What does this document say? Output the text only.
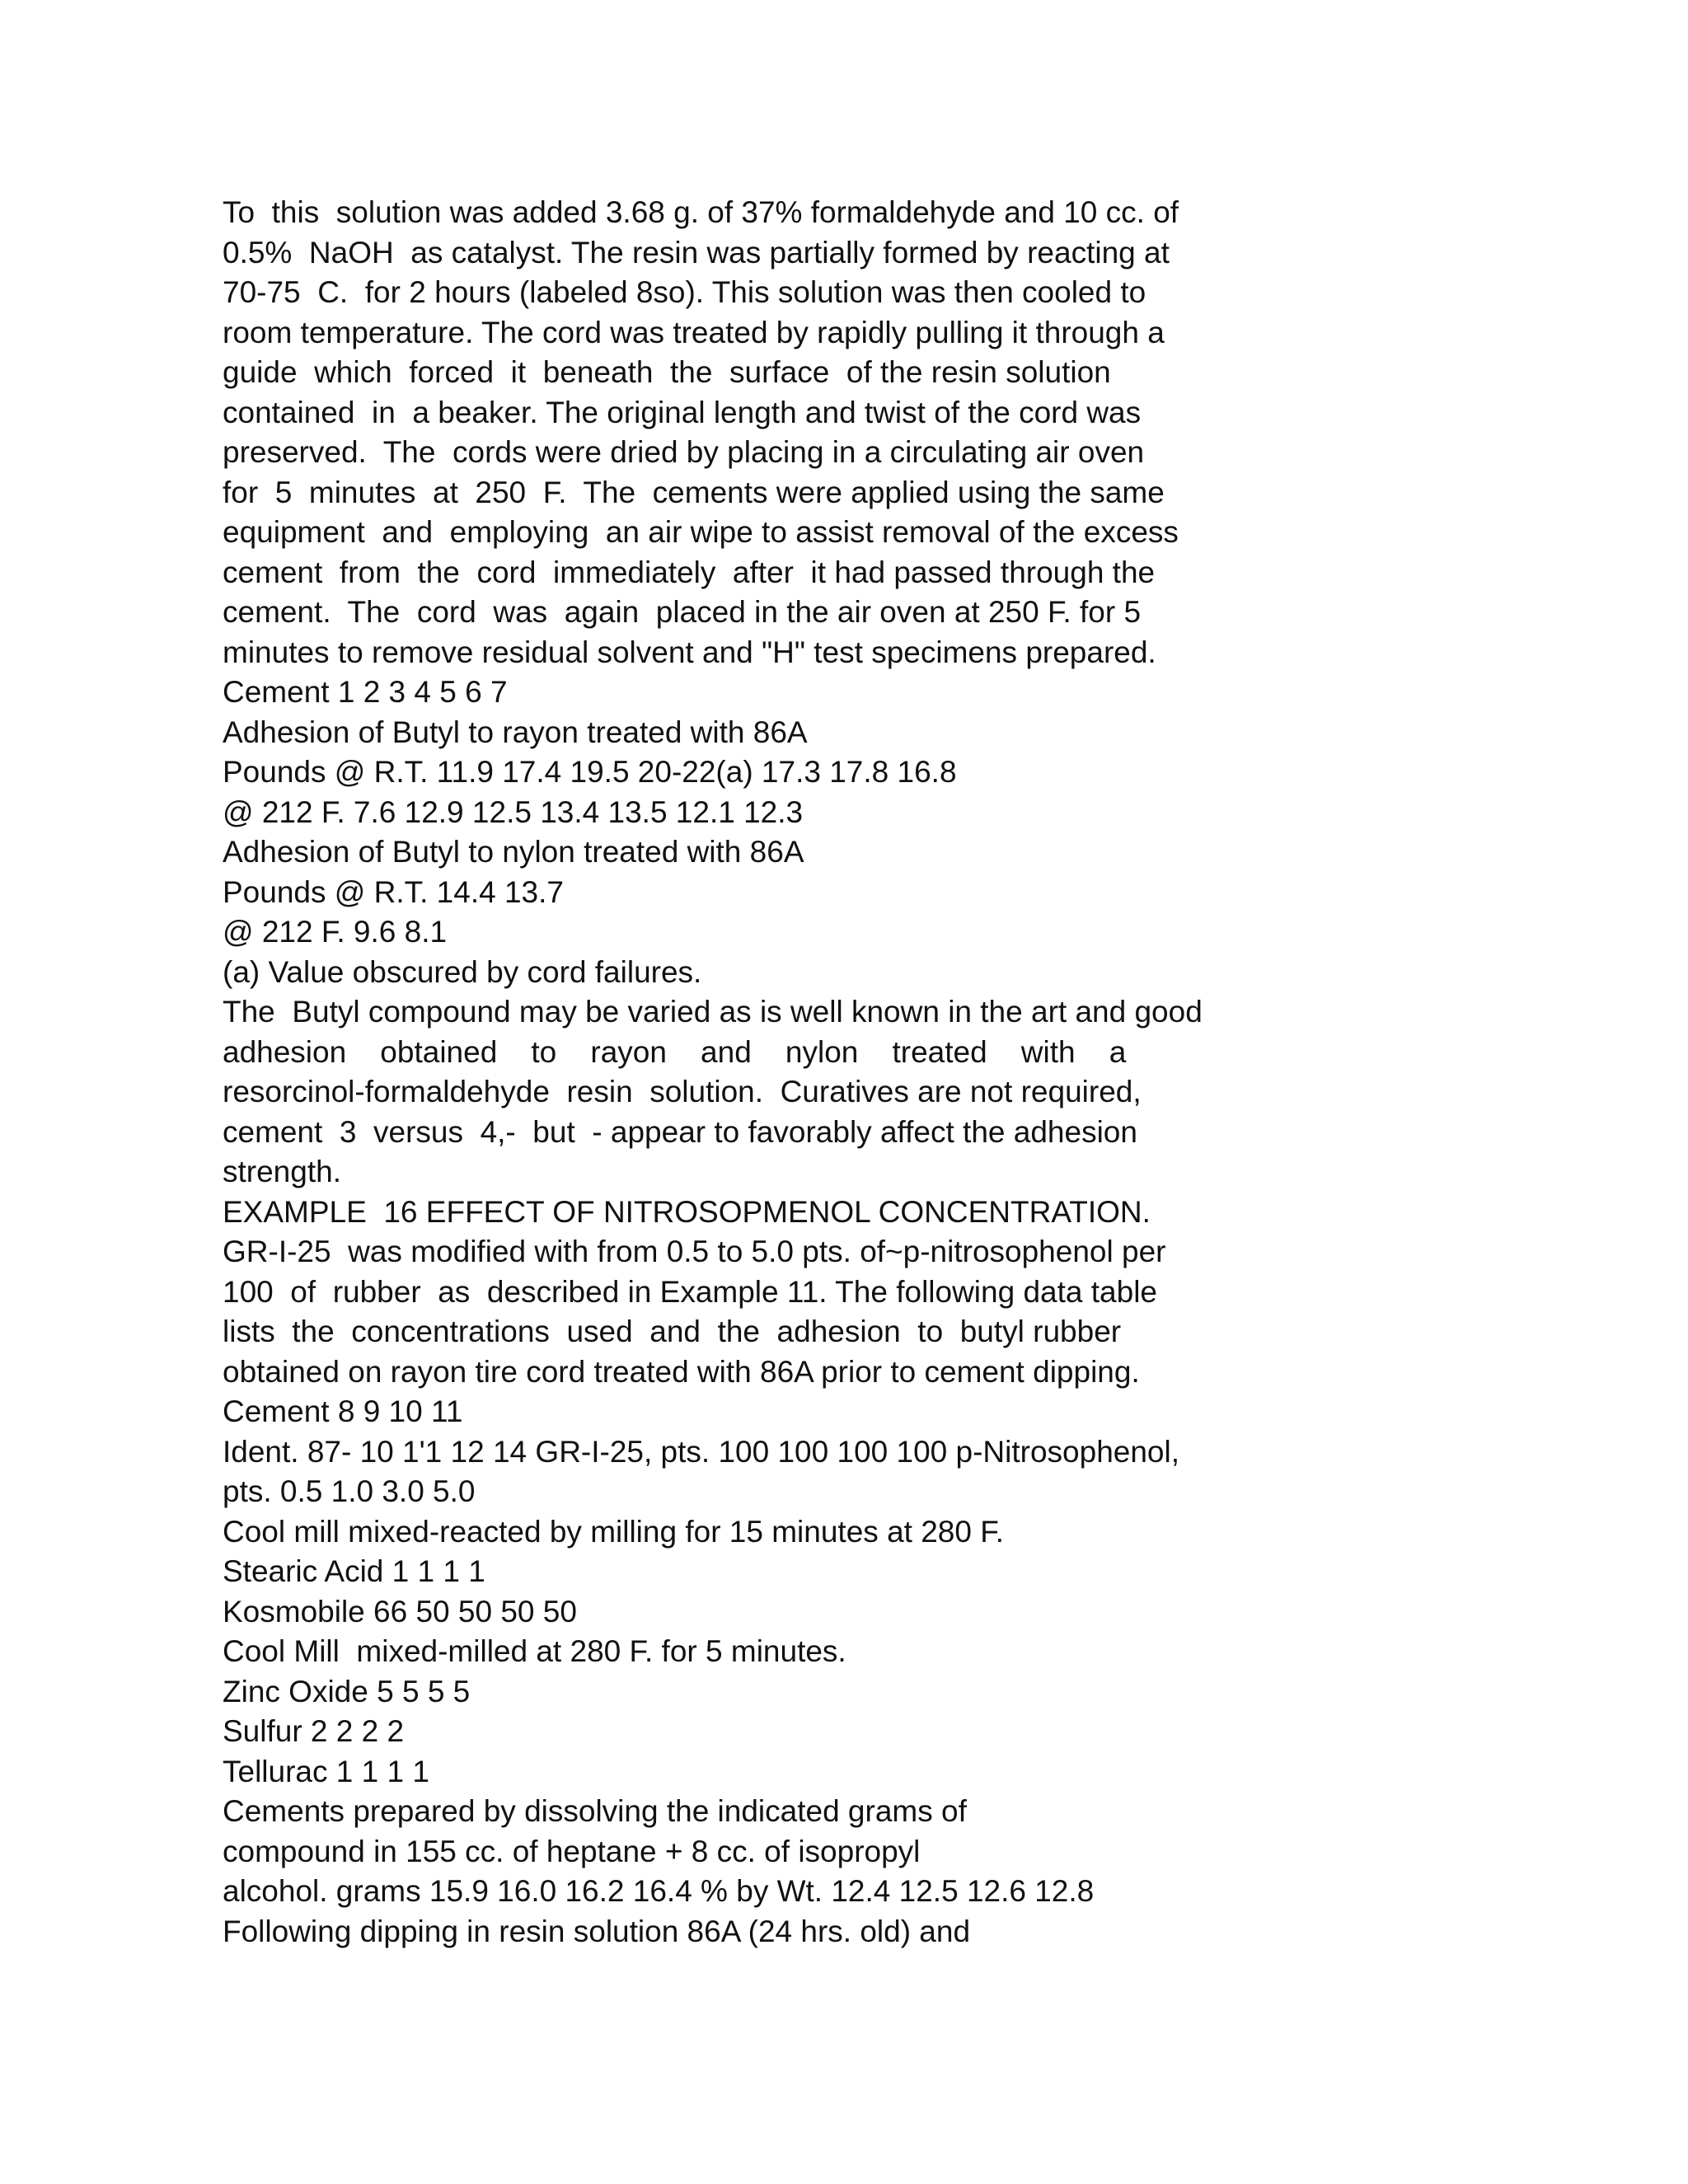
To  this  solution was added 3.68 g. of 37% formaldehyde and 10 cc. of
0.5%  NaOH  as catalyst. The resin was partially formed by reacting at
70-75  C.  for 2 hours (labeled 8so). This solution was then cooled to
room temperature. The cord was treated by rapidly pulling it through a
guide  which  forced  it  beneath  the  surface  of the resin solution
contained  in  a beaker. The original length and twist of the cord was
preserved.  The  cords were dried by placing in a circulating air oven
for  5  minutes  at  250  F.  The  cements were applied using the same
equipment  and  employing  an air wipe to assist removal of the excess
cement  from  the  cord  immediately  after  it had passed through the
cement.  The  cord  was  again  placed in the air oven at 250 F. for 5
minutes to remove residual solvent and "H" test specimens prepared.
Cement 1 2 3 4 5 6 7
Adhesion of Butyl to rayon treated with 86A
Pounds @ R.T. 11.9 17.4 19.5 20-22(a) 17.3 17.8 16.8
@ 212 F. 7.6 12.9 12.5 13.4 13.5 12.1 12.3
Adhesion of Butyl to nylon treated with 86A
Pounds @ R.T. 14.4 13.7
@ 212 F. 9.6 8.1
(a) Value obscured by cord failures.
The  Butyl compound may be varied as is well known in the art and good
adhesion    obtained    to    rayon    and    nylon    treated    with    a
resorcinol-formaldehyde  resin  solution.  Curatives are not required,
cement  3  versus  4,-  but  - appear to favorably affect the adhesion
strength.
EXAMPLE  16 EFFECT OF NITROSOPMENOL CONCENTRATION.
GR-I-25  was modified with from 0.5 to 5.0 pts. of~p-nitrosophenol per
100  of  rubber  as  described in Example 11. The following data table
lists  the  concentrations  used  and  the  adhesion  to  butyl rubber
obtained on rayon tire cord treated with 86A prior to cement dipping.
Cement 8 9 10 11
Ident. 87- 10 1'1 12 14 GR-I-25, pts. 100 100 100 100 p-Nitrosophenol,
pts. 0.5 1.0 3.0 5.0
Cool mill mixed-reacted by milling for 15 minutes at 280 F.
Stearic Acid 1 1 1 1
Kosmobile 66 50 50 50 50
Cool Mill  mixed-milled at 280 F. for 5 minutes.
Zinc Oxide 5 5 5 5
Sulfur 2 2 2 2
Tellurac 1 1 1 1
Cements prepared by dissolving the indicated grams of
compound in 155 cc. of heptane + 8 cc. of isopropyl
alcohol. grams 15.9 16.0 16.2 16.4 % by Wt. 12.4 12.5 12.6 12.8
Following dipping in resin solution 86A (24 hrs. old) and
